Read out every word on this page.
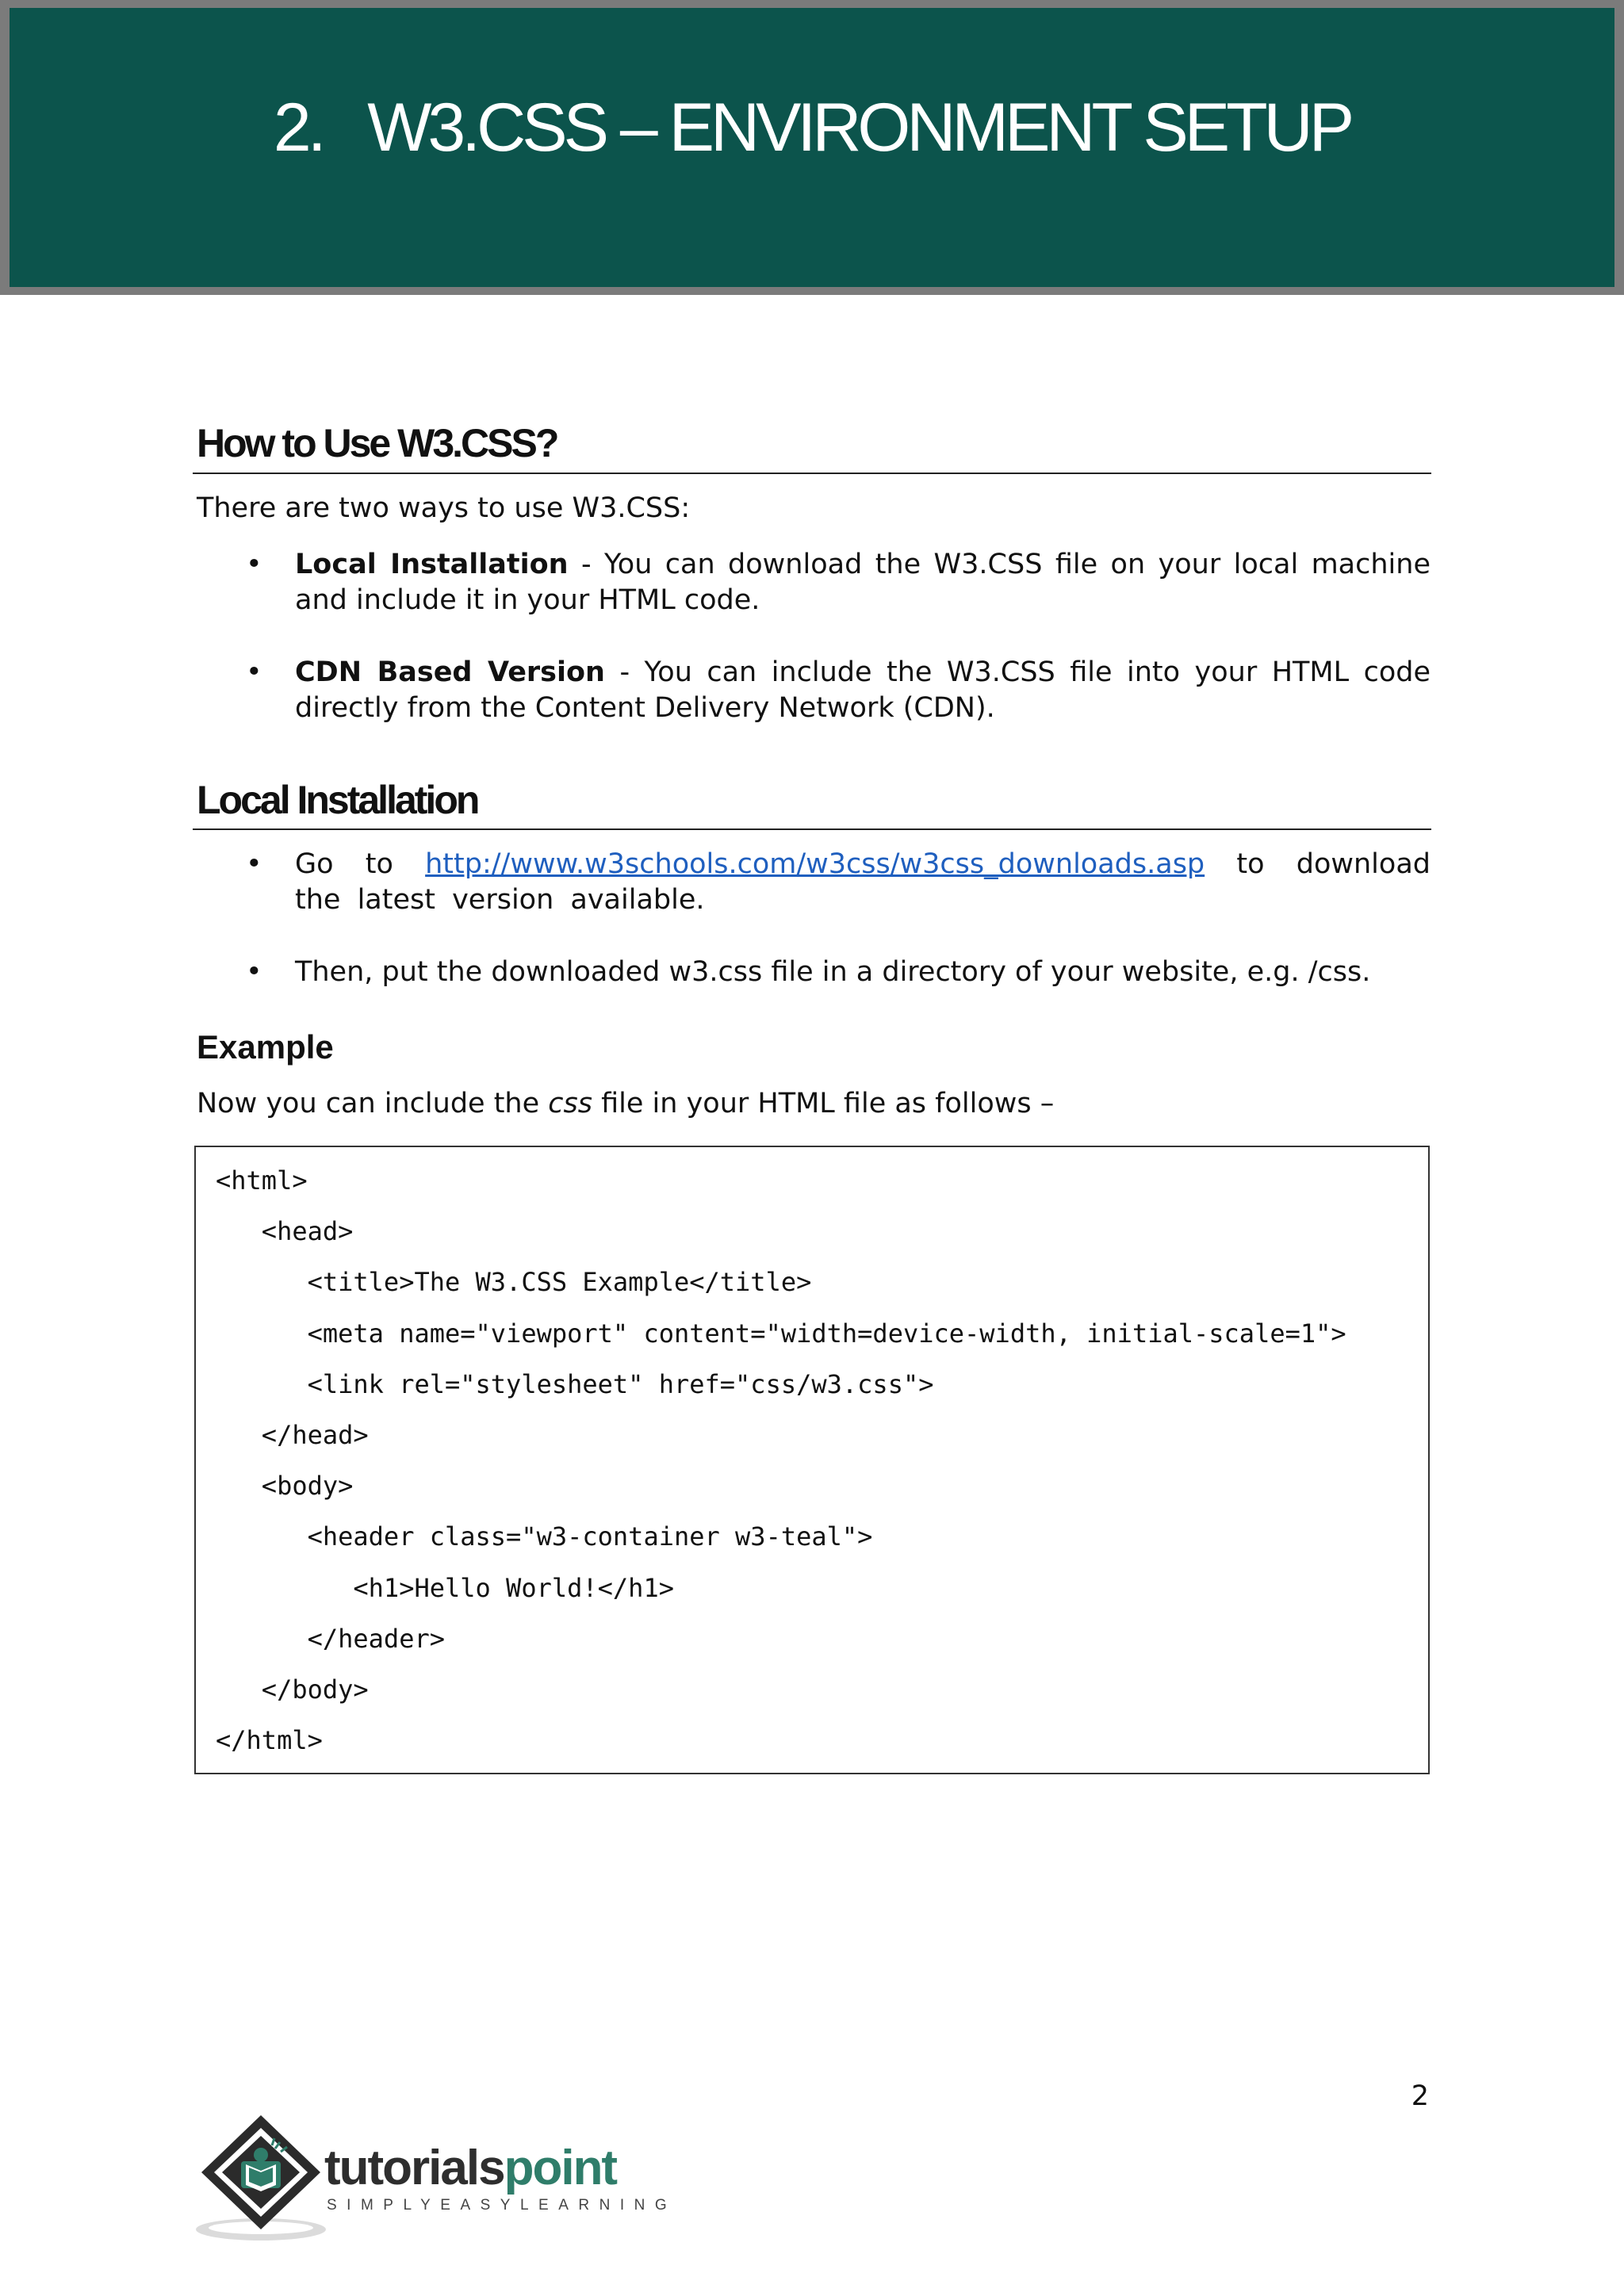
2.   W3.CSS – ENVIRONMENT SETUP
How to Use W3.CSS?

There are two ways to use W3.CSS:

• Local Installation - You can download the W3.CSS file on your local machine and include it in your HTML code.
• CDN Based Version - You can include the W3.CSS file into your HTML code directly from the Content Delivery Network (CDN).
Local Installation
• Go to http://www.w3schools.com/w3css/w3css_downloads.asp to download the latest version available.
• Then, put the downloaded w3.css file in a directory of your website, e.g. /css.
Example

Now you can include the css file in your HTML file as follows –

<html>
<head>
<title>The W3.CSS Example</title>
<meta name="viewport" content="width=device-width, initial-scale=1">
<link rel="stylesheet" href="css/w3.css">
</head>
<body>
<header class="w3-container w3-teal">
<h1>Hello World!</h1>
</header>
</body>
</html>
2
tutorialspoint
SIMPLYEASYLEARNING
